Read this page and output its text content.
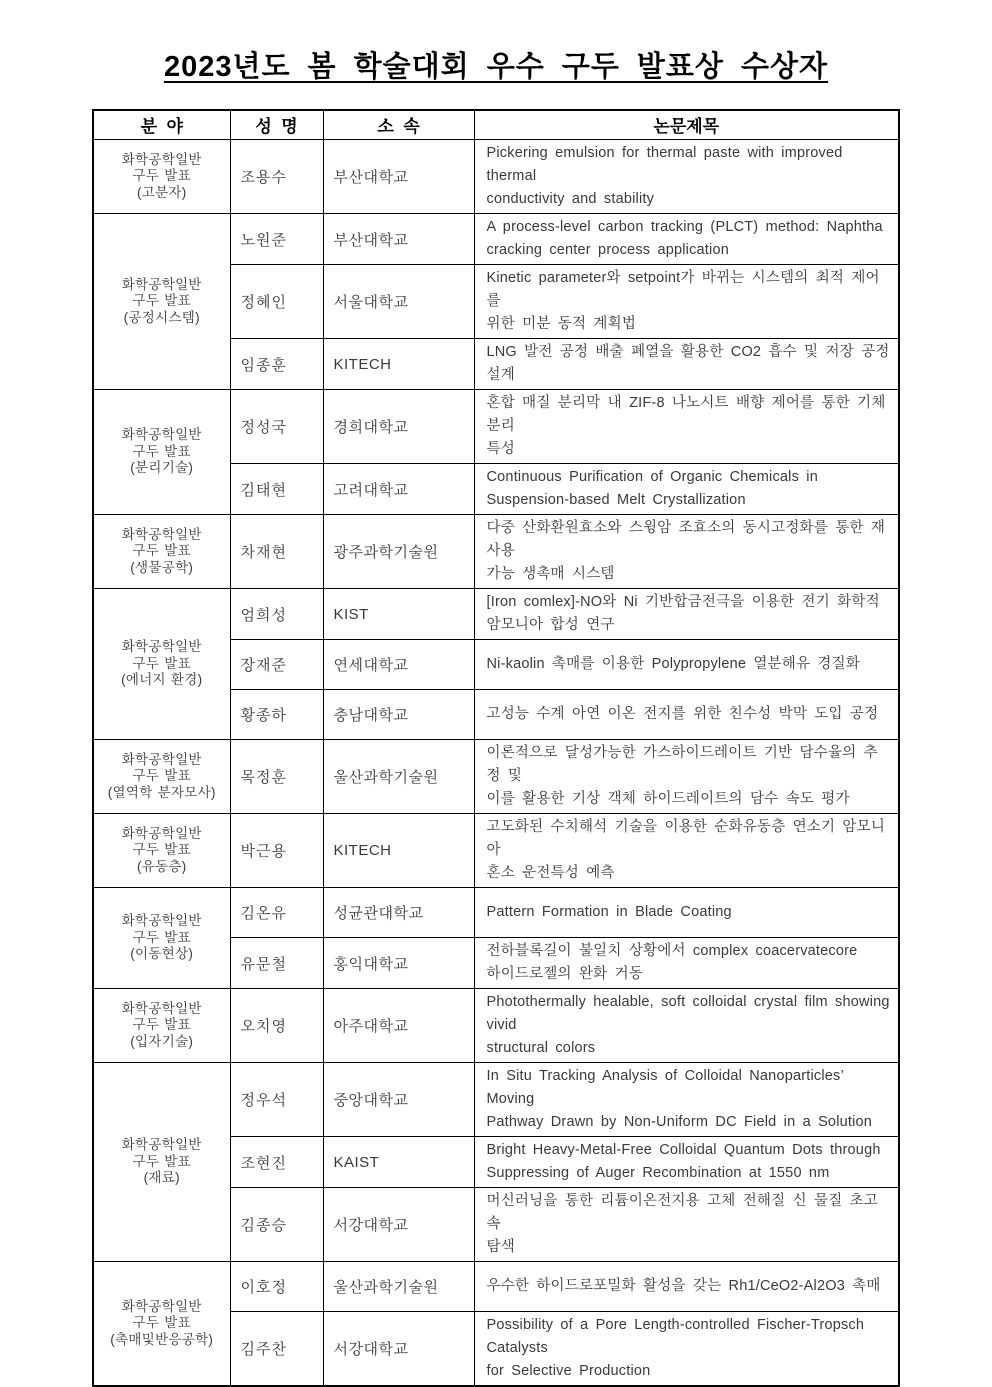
2023년도 봄 학술대회 우수 구두 발표상 수상자
분  야	성  명	소  속	논문제목
화학공학일반
구두 발표
(고분자)	조용수	부산대학교	Pickering emulsion for thermal paste with improved thermal
conductivity and stability
화학공학일반
구두 발표
(공정시스템)	노원준	부산대학교	A process-level carbon tracking (PLCT) method: Naphtha
cracking center process application
	정혜인	서울대학교	Kinetic parameter와 setpoint가 바뀌는 시스템의 최적 제어를
위한 미분 동적 계획법
	임종훈	KITECH	LNG 발전 공정 배출 폐열을 활용한 CO2 흡수 및 저장 공정
설계
화학공학일반
구두 발표
(분리기술)	정성국	경희대학교	혼합 매질 분리막 내 ZIF-8 나노시트 배향 제어를 통한 기체 분리
특성
	김태현	고려대학교	Continuous Purification of Organic Chemicals in
Suspension-based Melt Crystallization
화학공학일반
구두 발표
(생물공학)	차재현	광주과학기술원	다중 산화환원효소와 스윙암 조효소의 동시고정화를 통한 재사용
가능 생촉매 시스템
화학공학일반
구두 발표
(에너지 환경)	엄희성	KIST	[Iron comlex]-NO와 Ni 기반합금전극을 이용한 전기 화학적
암모니아 합성 연구
	장재준	연세대학교	Ni-kaolin 촉매를 이용한 Polypropylene 열분해유 경질화
	황종하	충남대학교	고성능 수계 아연 이온 전지를 위한 친수성 박막 도입 공정
화학공학일반
구두 발표
(열역학 분자모사)	목정훈	울산과학기술원	이론적으로 달성가능한 가스하이드레이트 기반 담수율의 추정 및
이를 활용한 기상 객체 하이드레이트의 담수 속도 평가
화학공학일반
구두 발표
(유동층)	박근용	KITECH	고도화된 수치해석 기술을 이용한 순화유동층 연소기 암모니아
혼소 운전특성 예측
화학공학일반
구두 발표
(이동현상)	김온유	성균관대학교	Pattern Formation in Blade Coating
	유문철	홍익대학교	전하블록길이 불일치 상황에서 complex coacervatecore
하이드로젤의 완화 거동
화학공학일반
구두 발표
(입자기술)	오치영	아주대학교	Photothermally healable, soft colloidal crystal film showing vivid
structural colors
화학공학일반
구두 발표
(재료)	정우석	중앙대학교	In Situ Tracking Analysis of Colloidal Nanoparticles’ Moving
Pathway Drawn by Non-Uniform DC Field in a Solution
	조현진	KAIST	Bright Heavy-Metal-Free Colloidal Quantum Dots through
Suppressing of Auger Recombination at 1550 nm
	김종승	서강대학교	머신러닝을 통한 리튬이온전지용 고체 전해질 신 물질 초고속
탐색
화학공학일반
구두 발표
(촉매및반응공학)	이호정	울산과학기술원	우수한 하이드로포밀화 활성을 갖는 Rh1/CeO2-Al2O3 촉매
	김주찬	서강대학교	Possibility of a Pore Length-controlled Fischer-Tropsch Catalysts
for Selective Production
